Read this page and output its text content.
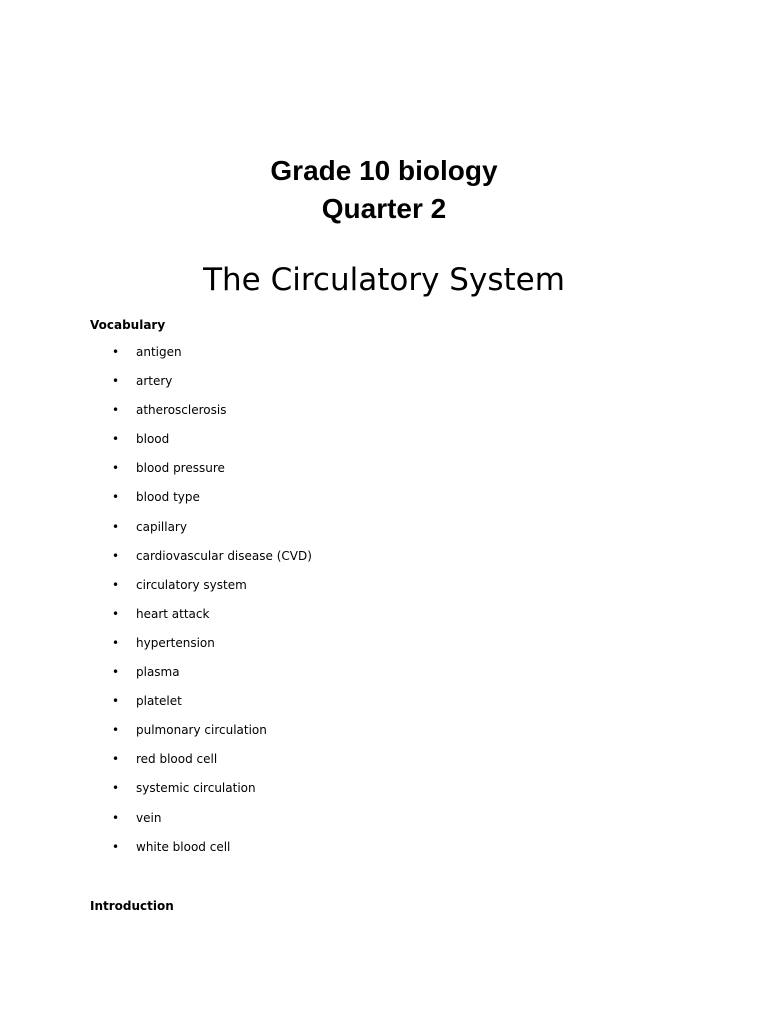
Grade 10 biology
Quarter 2
The Circulatory System
Vocabulary
• antigen
• artery
• atherosclerosis
• blood
• blood pressure
• blood type
• capillary
• cardiovascular disease (CVD)
• circulatory system
• heart attack
• hypertension
• plasma
• platelet
• pulmonary circulation
• red blood cell
• systemic circulation
• vein
• white blood cell
Introduction
